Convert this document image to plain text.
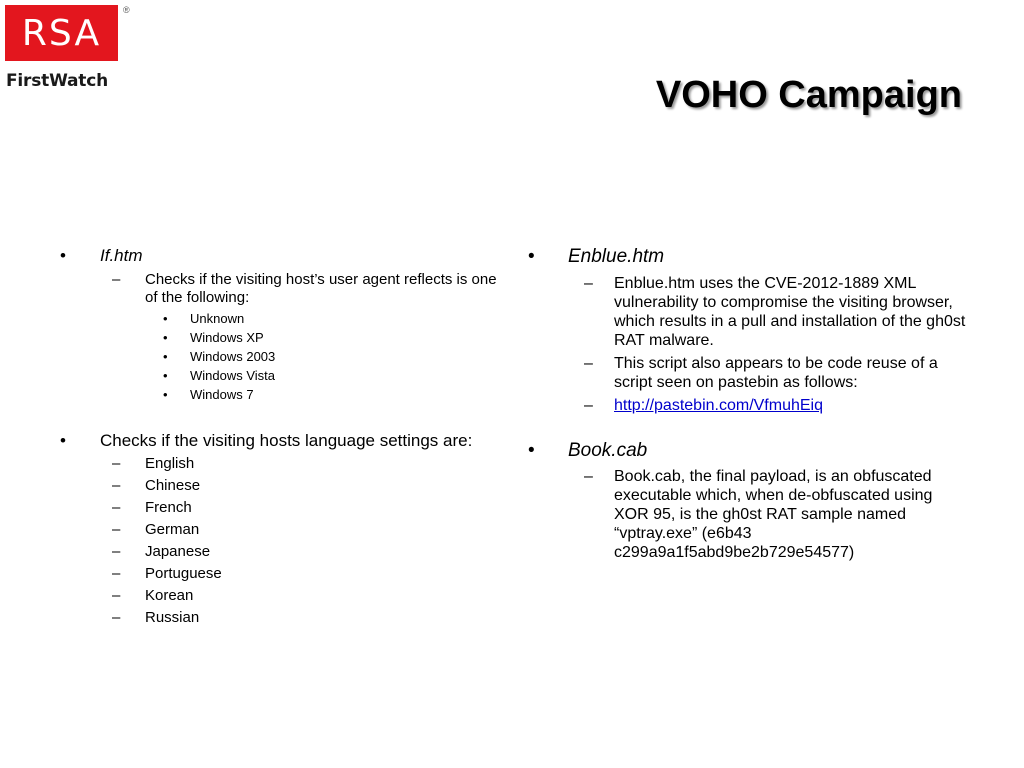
RSA
®
FirstWatch	VOHO Campaign
• If.htm
– Checks if the visiting host’s user agent reflects is one of the following:
• Unknown
• Windows XP
• Windows 2003
• Windows Vista
• Windows 7
• Checks if the visiting hosts language settings are:
– English
– Chinese
– French
– German
– Japanese
– Portuguese
– Korean
– Russian
• Enblue.htm
– Enblue.htm uses the CVE-2012-1889 XML vulnerability to compromise the visiting browser, which results in a pull and installation of the gh0st RAT malware.
– This script also appears to be code reuse of a script seen on pastebin as follows:
– http://pastebin.com/VfmuhEiq
• Book.cab
– Book.cab, the final payload, is an obfuscated executable which, when de-obfuscated using XOR 95, is the gh0st RAT sample named “vptray.exe” (e6b43 c299a9a1f5abd9be2b729e54577)
